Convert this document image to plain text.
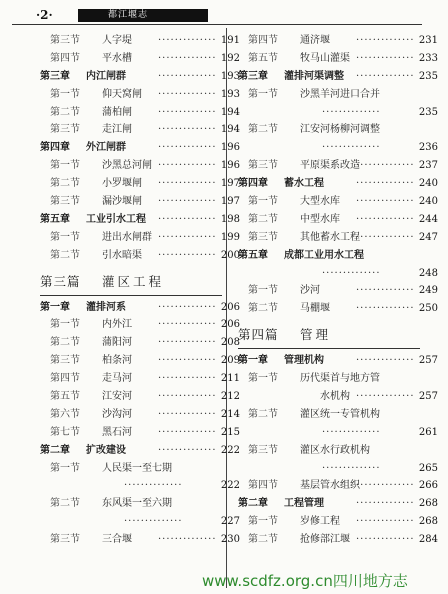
·2·	都江堰志
第三节 人字堤	·············· 191
第四节 平水槽	·············· 192
第三章 内江闸群	·············· 193
第一节 仰天窝闸 ·············· 193
第二节 蒲柏闸	·············· 194
第三节 走江闸	·············· 194
第四章 外江闸群	·············· 196
第一节 沙黑总河闸 ·············· 196
第二节 小罗堰闸 ·············· 197
第三节 漏沙堰闸 ·············· 197
第五章 工业引水工程 ·············· 198
第一节 进出水闸群 ·············· 199
第二节 引水暗渠 ·············· 200
第三篇 灌区工程
第一章 灌排河系	·············· 206
第一节 内外江	·············· 206
第二节 蒲阳河	·············· 208
第三节 柏条河	·············· 209
第四节 走马河	·············· 211
第五节 江安河	·············· 212
第六节 沙沟河	·············· 214
第七节 黑石河	·············· 215
第二章 扩改建设	·············· 222
第一节 人民渠一至七期
··············	222
第二节 东风渠一至六期
··············	227
第三节 三合堰	·············· 230
第四节 通济堰	·············· 231
第五节 牧马山灌渠 ·············· 233
第三章 灌排河渠调整 ·············· 235
第一节 沙黑羊河进口合并
··············	235
第二节 江安河杨柳河调整
··············	236
第三节 平原渠系改造
·············· 237
第四章 蓄水工程	·············· 240
第一节 大型水库 ·············· 240
第二节 中型水库 ·············· 244
第三节 其他蓄水工程
·············· 247
第五章 成都工业用水工程
··············	248
第一节 沙河	·············· 249
第二节 马棚堰	·············· 250
第四篇 管理
第一章 管理机构	·············· 257
第一节 历代渠首与地方管
水机构 ·············· 257
第二节 灌区统一专管机构
··············	261
第三节 灌区水行政机构
··············	265
第四节 基层管水组织
·············· 266
第二章 工程管理	·············· 268
第一节 岁修工程 ·············· 268
第二节 抢修部江堰 ·············· 284
www.scdfz.org.cn四川地方志
